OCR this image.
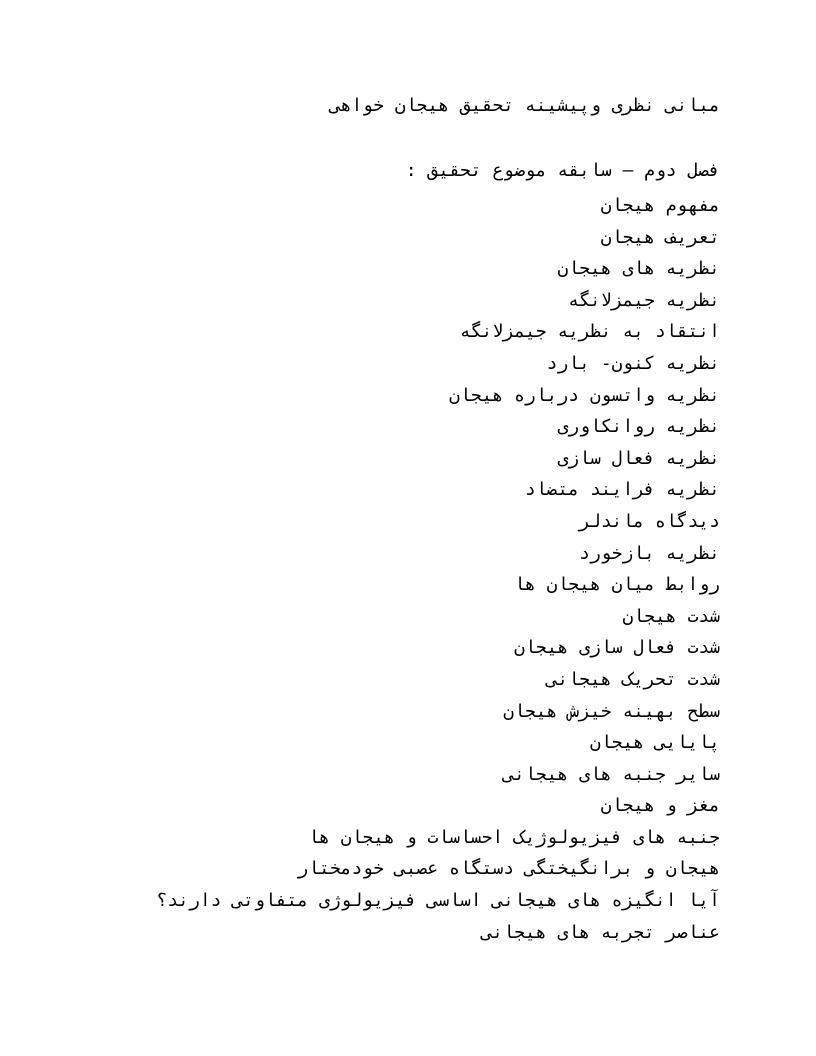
مبانی نظری وپیشینه تحقیق هیجان خواهی
فصل دوم – سابقه موضوع تحقیق :
مفهوم هیجان
تعریف هیجان
نظریه های هیجان
نظریه جیمزلانگه
انتقاد به نظریه جیمزلانگه
نظریه کنون- بارد
نظریه واتسون درباره هیجان
نظریه روانکاوری
نظریه فعال سازی
نظریه فرایند متضاد
دیدگاه ماندلر
نظریه بازخورد
روابط میان هیجان ها
شدت هیجان
شدت فعال سازی هیجان
شدت تحریک هیجانی
سطح بهینه خیزش هیجان
پایایی هیجان
سایر جنبه های هیجانی
مغز و هیجان
جنبه های فیزیولوژیک احساسات و هیجان ها
هیجان و برانگیختگی دستگاه عصبی خودمختار
آیا انگیزه های هیجانی اساسی فیزیولوژی متفاوتی دارند؟
عناصر تجربه های هیجانی
